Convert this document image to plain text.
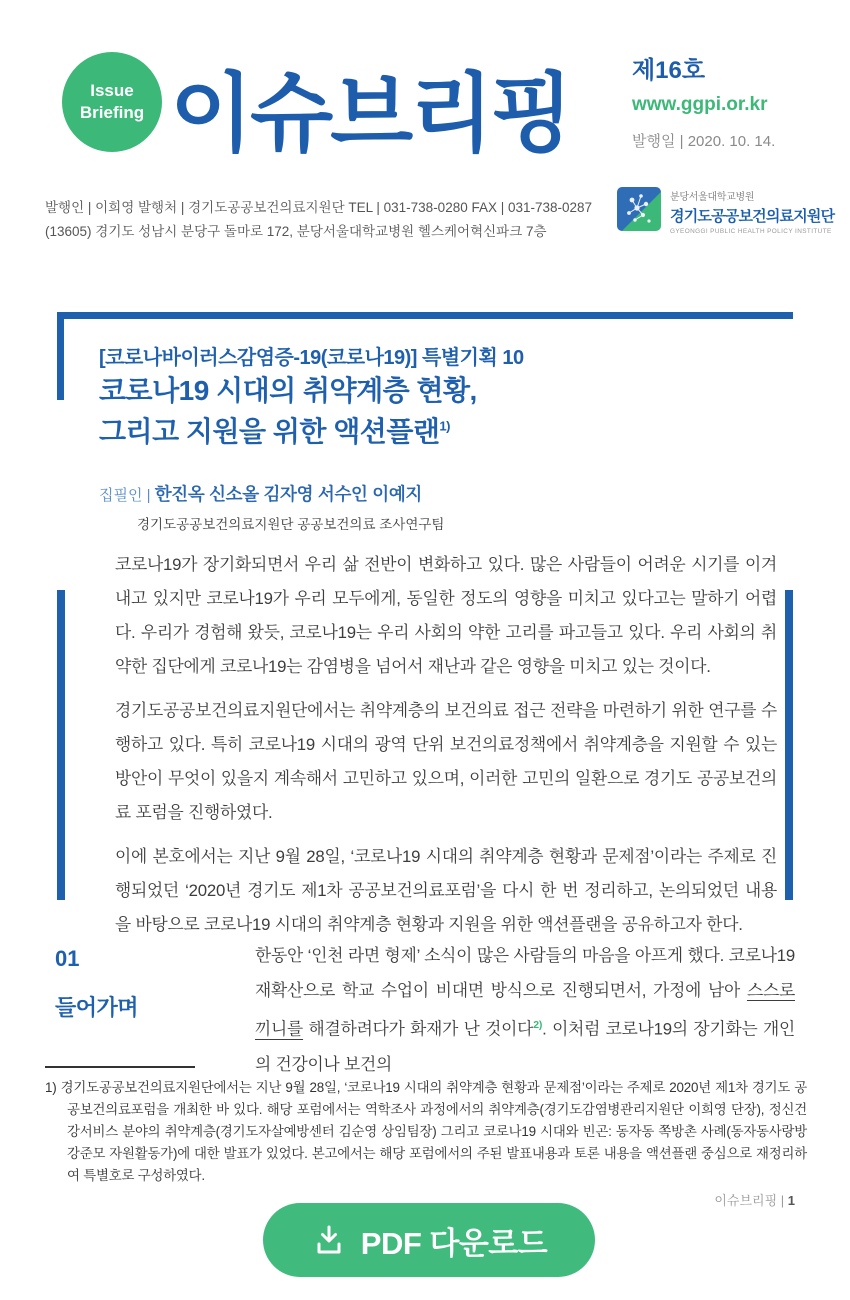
Issue
Briefing 이슈브리핑	제16호
www.ggpi.or.kr
발행일 | 2020. 10. 14.
발행인 | 이희영 발행처 | 경기도공공보건의료지원단 TEL | 031-738-0280 FAX | 031-738-0287
(13605) 경기도 성남시 분당구 돌마로 172, 분당서울대학교병원 헬스케어혁신파크 7층
분당서울대학교병원
경기도공공보건의료지원단
GYEONGGI PUBLIC HEALTH POLICY INSTITUTE
[코로나바이러스감염증-19(코로나19)] 특별기획 10
코로나19 시대의 취약계층 현황,
그리고 지원을 위한 액션플랜$^{1)}$
집필인 | 한진옥 신소올 김자영 서수인 이예지
경기도공공보건의료지원단 공공보건의료 조사연구팀

코로나19가 장기화되면서 우리 삶 전반이 변화하고 있다. 많은 사람들이 어려운 시기를 이겨내고 있지만 코로나19가 우리 모두에게, 동일한 정도의 영향을 미치고 있다고는 말하기 어렵다. 우리가 경험해 왔듯, 코로나19는 우리 사회의 약한 고리를 파고들고 있다. 우리 사회의 취약한 집단에게 코로나19는 감염병을 넘어서 재난과 같은 영향을 미치고 있는 것이다.

경기도공공보건의료지원단에서는 취약계층의 보건의료 접근 전략을 마련하기 위한 연구를 수행하고 있다. 특히 코로나19 시대의 광역 단위 보건의료정책에서 취약계층을 지원할 수 있는 방안이 무엇이 있을지 계속해서 고민하고 있으며, 이러한 고민의 일환으로 경기도 공공보건의료 포럼을 진행하였다.

이에 본호에서는 지난 9월 28일, ‘코로나19 시대의 취약계층 현황과 문제점’이라는 주제로 진행되었던 ‘2020년 경기도 제1차 공공보건의료포럼’을 다시 한 번 정리하고, 논의되었던 내용을 바탕으로 코로나19 시대의 취약계층 현황과 지원을 위한 액션플랜을 공유하고자 한다.

01
들어가며
한동안 ‘인천 라면 형제’ 소식이 많은 사람들의 마음을 아프게 했다. 코로나19 재확산으로 학교 수업이 비대면 방식으로 진행되면서, 가정에 남아 스스로 끼니를 해결하려다가 화재가 난 것이다$^{2)}$. 이처럼 코로나19의 장기화는 개인의 건강이나 보건의
1) 경기도공공보건의료지원단에서는 지난 9월 28일, ‘코로나19 시대의 취약계층 현황과 문제점’이라는 주제로 2020년 제1차 경기도 공공보건의료포럼을 개최한 바 있다. 해당 포럼에서는 역학조사 과정에서의 취약계층(경기도감염병관리지원단 이희영 단장), 정신건강서비스 분야의 취약계층(경기도자살예방센터 김순영 상임팀장) 그리고 코로나19 시대와 빈곤: 동자동 쪽방촌 사례(동자동사랑방 강준모 자원활동가)에 대한 발표가 있었다. 본고에서는 해당 포럼에서의 주된 발표내용과 토론 내용을 액션플랜 중심으로 재정리하여 특별호로 구성하였다.
PDF 다운로드
이슈브리핑 | 1
